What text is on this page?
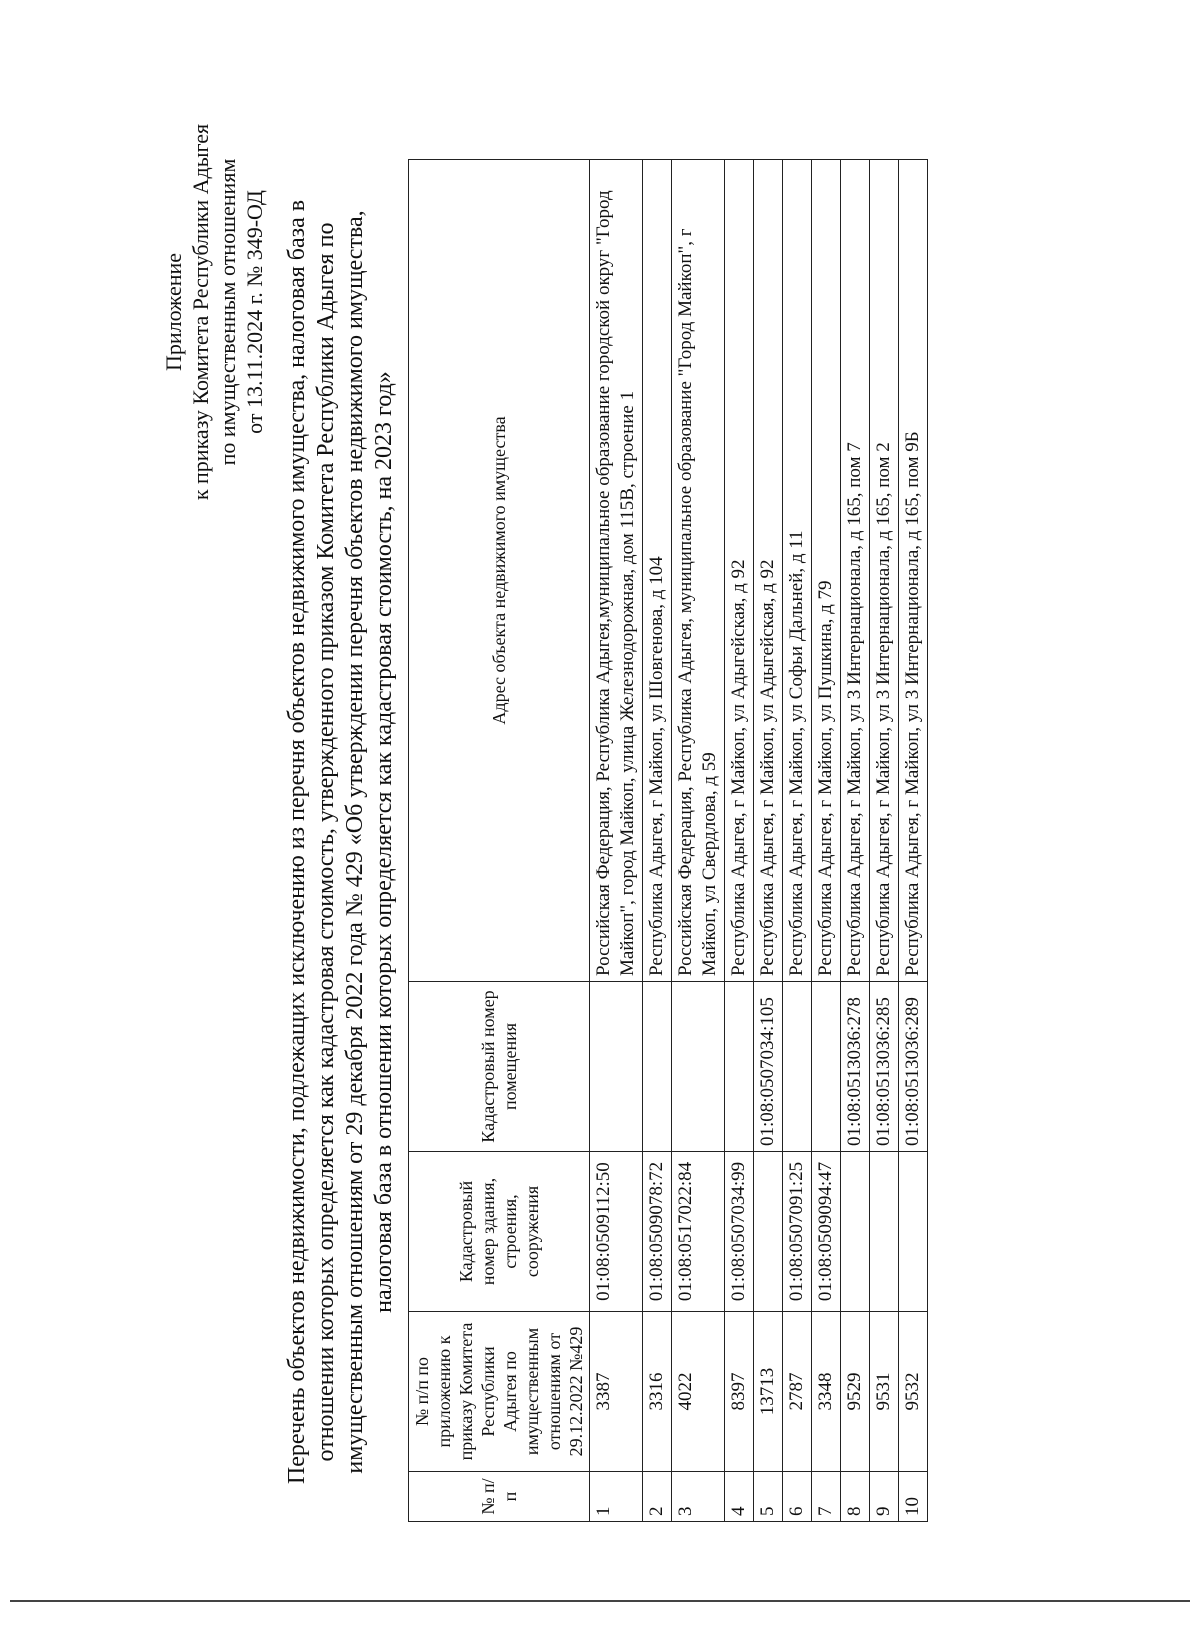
Приложение к приказу Комитета Республики Адыгея по имущественным отношениям от 13.11.2024 г. № 349-ОД Перечень объектов недвижимости, подлежащих исключению из перечня объектов недвижимого имущества, налоговая база в отношении которых определяется как кадастровая стоимость, утвержденного приказом Комитета Республики Адыгея по имущественным отношениям от 29 декабря 2022 года № 429 «Об утверждении перечня объектов недвижимого имущества, налоговая база в отношении которых определяется как кадастровая стоимость, на 2023 год»
№ п/п	№ п/п по приложению к приказу Комитета Республики Адыгея по имущественным отношениям от 29.12.2022 №429	Кадастровый номер здания, строения, сооружения	Кадастровый номер помещения	Адрес объекта недвижимого имущества
1	3387	01:08:0509112:50		Российская Федерация, Республика Адыгея,муниципальное образование городской округ "Город Майкоп", город Майкоп, улица Железнодорожная, дом 115В, строение 1
2	3316	01:08:0509078:72		Республика Адыгея, г Майкоп, ул Шовгенова, д 104
3	4022	01:08:0517022:84		Российская Федерация, Республика Адыгея, муниципальное образование "Город Майкоп", г Майкоп, ул Свердлова, д 59
4	8397	01:08:0507034:99		Республика Адыгея, г Майкоп, ул Адыгейская, д 92
5	13713		01:08:0507034:105	Республика Адыгея, г Майкоп, ул Адыгейская, д 92
6	2787	01:08:0507091:25		Республика Адыгея, г Майкоп, ул Софьи Дальней, д 11
7	3348	01:08:0509094:47		Республика Адыгея, г Майкоп, ул Пушкина, д 79
8	9529		01:08:0513036:278	Республика Адыгея, г Майкоп, ул 3 Интернационала, д 165, пом 7
9	9531		01:08:0513036:285	Республика Адыгея, г Майкоп, ул 3 Интернационала, д 165, пом 2
10	9532		01:08:0513036:289	Республика Адыгея, г Майкоп, ул 3 Интернационала, д 165, пом 9Б
